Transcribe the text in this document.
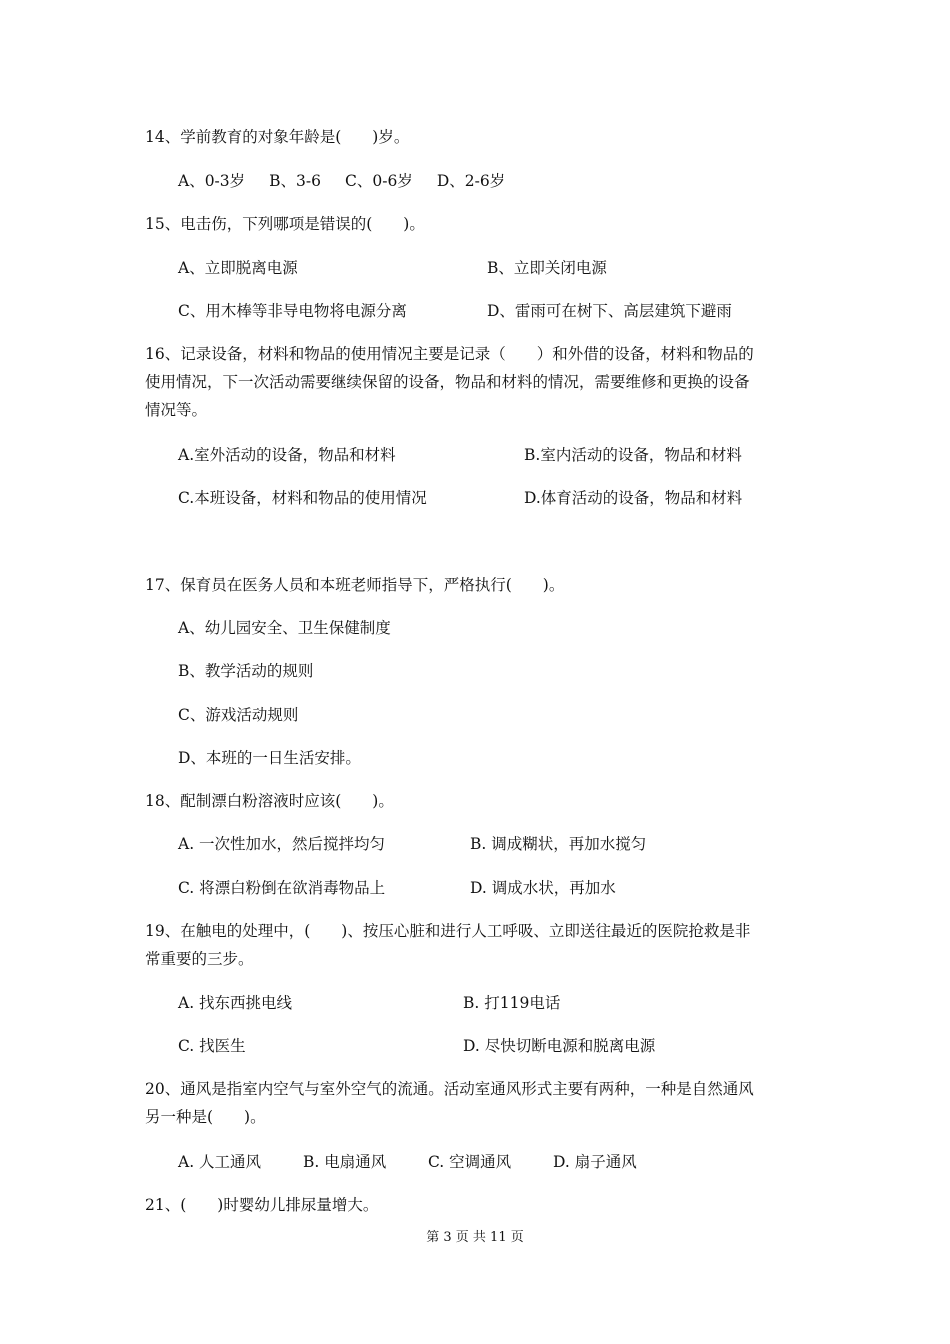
14、学前教育的对象年龄是(　　)岁。
A、0-3岁 B、3-6 C、0-6岁 D、2-6岁
15、电击伤，下列哪项是错误的(　　)。
A、立即脱离电源	B、立即关闭电源
C、用木棒等非导电物将电源分离	D、雷雨可在树下、高层建筑下避雨
16、记录设备，材料和物品的使用情况主要是记录（　　）和外借的设备，材料和物品的
使用情况，下一次活动需要继续保留的设备，物品和材料的情况，需要维修和更换的设备
情况等。
A.室外活动的设备，物品和材料	B.室内活动的设备，物品和材料
C.本班设备，材料和物品的使用情况	D.体育活动的设备，物品和材料
17、保育员在医务人员和本班老师指导下，严格执行(　　)。
A、幼儿园安全、卫生保健制度
B、教学活动的规则
C、游戏活动规则
D、本班的一日生活安排。
18、配制漂白粉溶液时应该(　　)。
A. 一次性加水，然后搅拌均匀	B. 调成糊状，再加水搅匀
C. 将漂白粉倒在欲消毒物品上	D. 调成水状，再加水
19、在触电的处理中，(　　)、按压心脏和进行人工呼吸、立即送往最近的医院抢救是非
常重要的三步。
A. 找东西挑电线	B. 打119电话
C. 找医生	D. 尽快切断电源和脱离电源
20、通风是指室内空气与室外空气的流通。活动室通风形式主要有两种，一种是自然通风
另一种是(　　)。
A. 人工通风	B. 电扇通风	C. 空调通风	D. 扇子通风
21、(　　)时婴幼儿排尿量增大。
第 3 页 共 11 页
